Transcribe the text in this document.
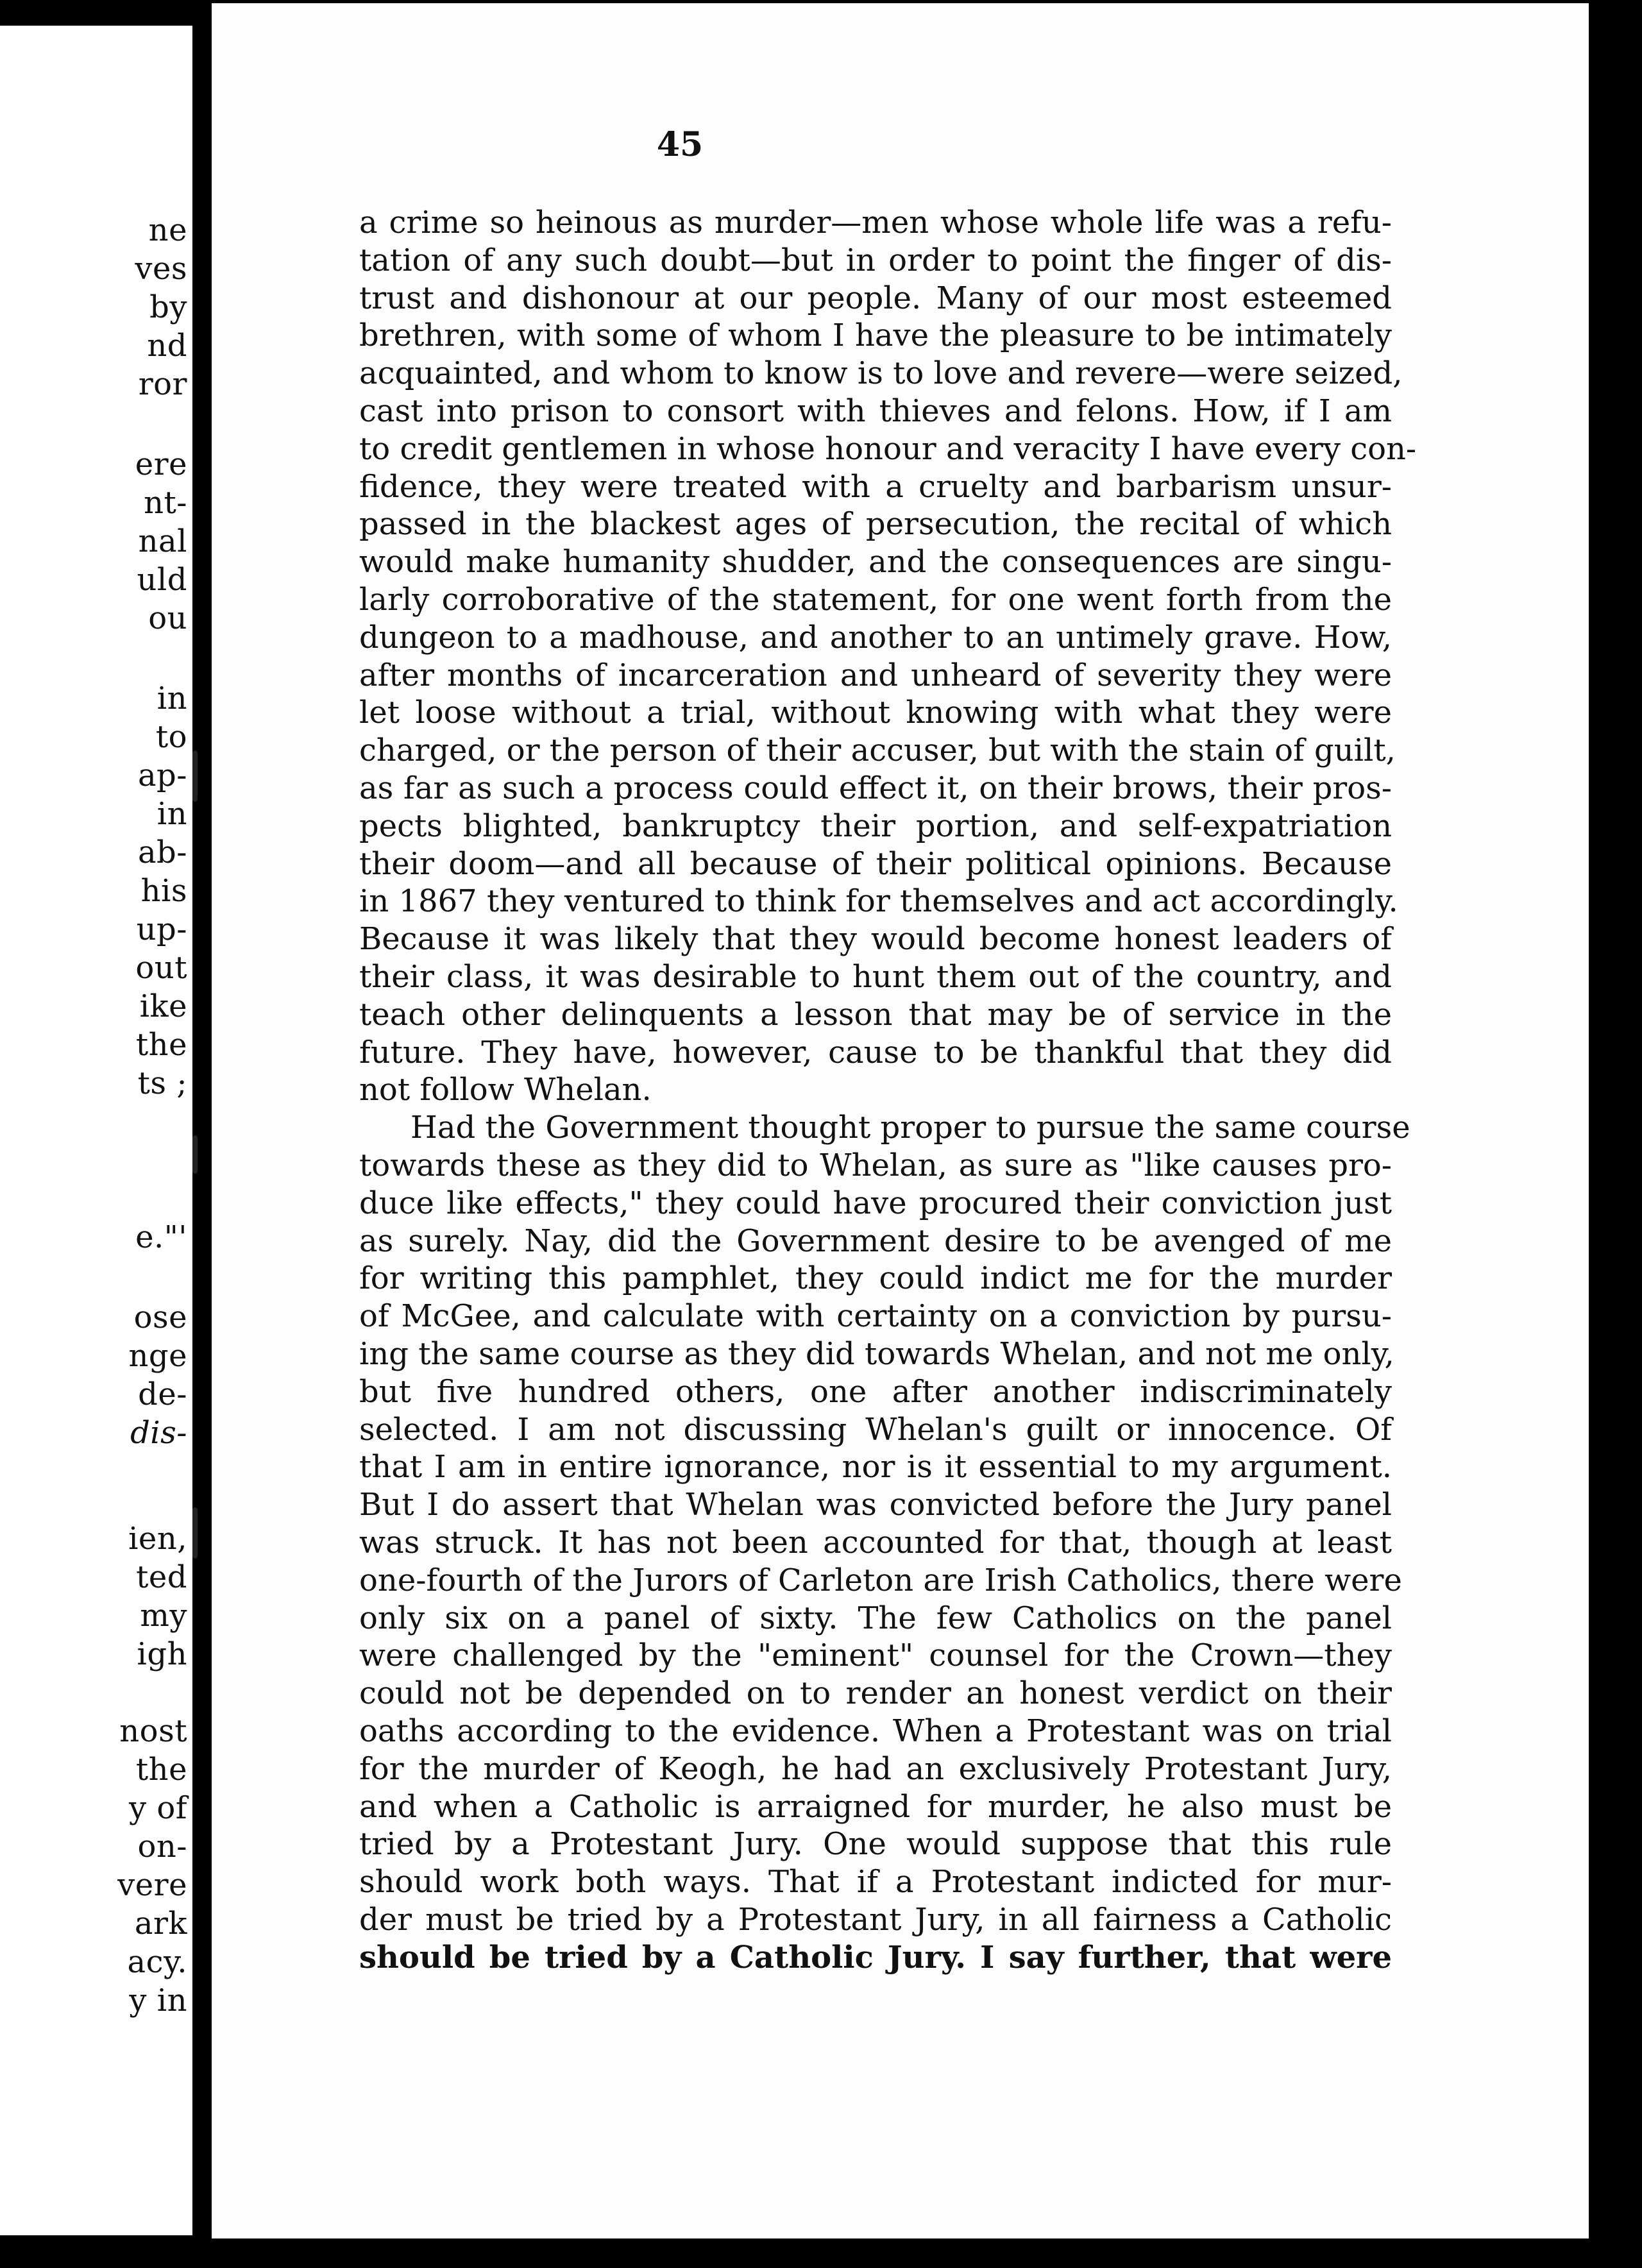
ne
ves
by
nd
ror
ere
nt-
nal
uld
ou
in
to
ap-
in
ab-
his
up-
out
ike
the
ts ;
e."'
ose
nge
de-
dis-
ien,
ted
my
igh
nost
the
y of
on-
vere
ark
acy.
y in
45
a crime so heinous as murder—men whose whole life was a refu-
tation of any such doubt—but in order to point the finger of dis-
trust and dishonour at our people. Many of our most esteemed
brethren, with some of whom I have the pleasure to be intimately
acquainted, and whom to know is to love and revere—were seized,
cast into prison to consort with thieves and felons. How, if I am
to credit gentlemen in whose honour and veracity I have every con-
fidence, they were treated with a cruelty and barbarism unsur-
passed in the blackest ages of persecution, the recital of which
would make humanity shudder, and the consequences are singu-
larly corroborative of the statement, for one went forth from the
dungeon to a madhouse, and another to an untimely grave. How,
after months of incarceration and unheard of severity they were
let loose without a trial, without knowing with what they were
charged, or the person of their accuser, but with the stain of guilt,
as far as such a process could effect it, on their brows, their pros-
pects blighted, bankruptcy their portion, and self-expatriation
their doom—and all because of their political opinions. Because
in 1867 they ventured to think for themselves and act accordingly.
Because it was likely that they would become honest leaders of
their class, it was desirable to hunt them out of the country, and
teach other delinquents a lesson that may be of service in the
future. They have, however, cause to be thankful that they did
not follow Whelan.
Had the Government thought proper to pursue the same course
towards these as they did to Whelan, as sure as "like causes pro-
duce like effects," they could have procured their conviction just
as surely. Nay, did the Government desire to be avenged of me
for writing this pamphlet, they could indict me for the murder
of McGee, and calculate with certainty on a conviction by pursu-
ing the same course as they did towards Whelan, and not me only,
but five hundred others, one after another indiscriminately
selected. I am not discussing Whelan's guilt or innocence. Of
that I am in entire ignorance, nor is it essential to my argument.
But I do assert that Whelan was convicted before the Jury panel
was struck. It has not been accounted for that, though at least
one-fourth of the Jurors of Carleton are Irish Catholics, there were
only six on a panel of sixty. The few Catholics on the panel
were challenged by the "eminent" counsel for the Crown—they
could not be depended on to render an honest verdict on their
oaths according to the evidence. When a Protestant was on trial
for the murder of Keogh, he had an exclusively Protestant Jury,
and when a Catholic is arraigned for murder, he also must be
tried by a Protestant Jury. One would suppose that this rule
should work both ways. That if a Protestant indicted for mur-
der must be tried by a Protestant Jury, in all fairness a Catholic
should be tried by a Catholic Jury. I say further, that were
